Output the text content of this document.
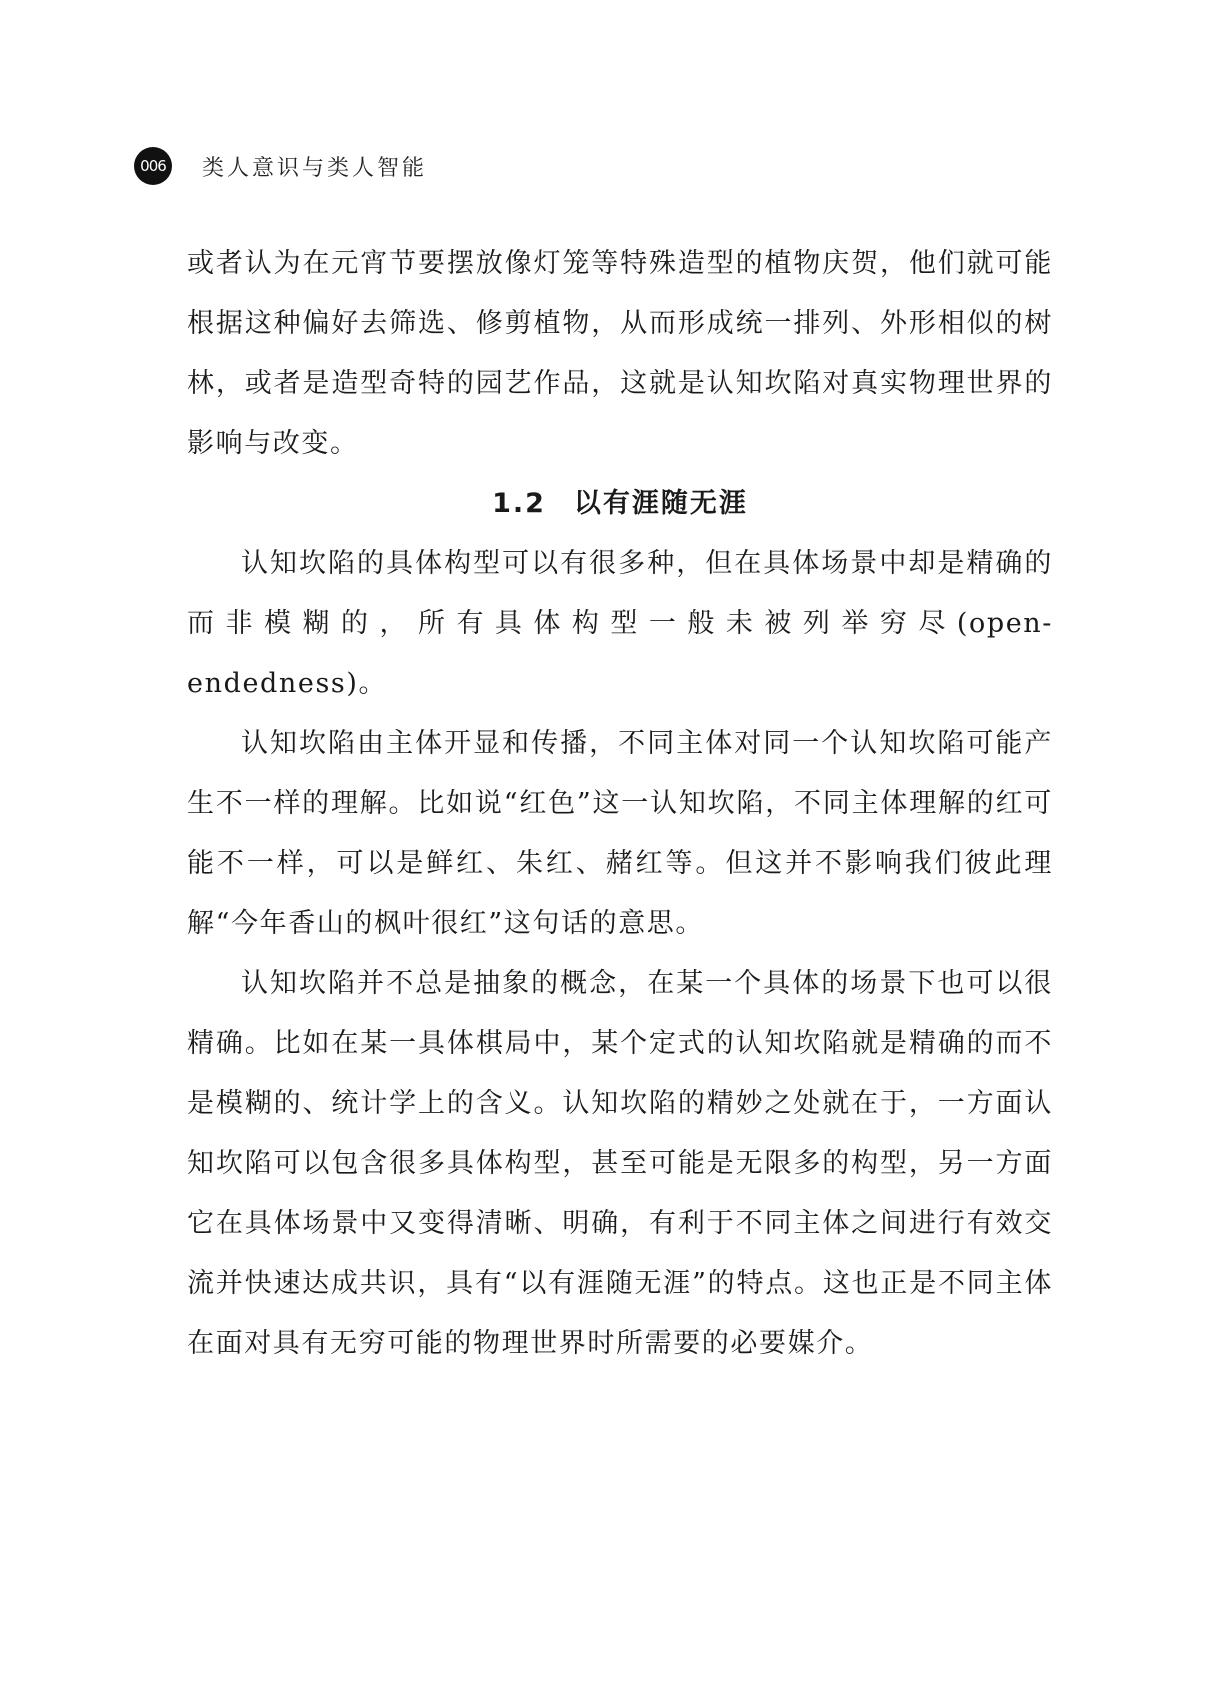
006 类人意识与类人智能

或者认为在元宵节要摆放像灯笼等特殊造型的植物庆贺，他们就可能根据这种偏好去筛选、修剪植物，从而形成统一排列、外形相似的树林，或者是造型奇特的园艺作品，这就是认知坎陷对真实物理世界的影响与改变。

1.2 以有涯随无涯

认知坎陷的具体构型可以有很多种，但在具体场景中却是精确的而非模糊的，所有具体构型一般未被列举穷尽(open-endedness)。

认知坎陷由主体开显和传播，不同主体对同一个认知坎陷可能产生不一样的理解。比如说“红色”这一认知坎陷，不同主体理解的红可能不一样，可以是鲜红、朱红、赭红等。但这并不影响我们彼此理解“今年香山的枫叶很红”这句话的意思。

认知坎陷并不总是抽象的概念，在某一个具体的场景下也可以很精确。比如在某一具体棋局中，某个定式的认知坎陷就是精确的而不是模糊的、统计学上的含义。认知坎陷的精妙之处就在于，一方面认知坎陷可以包含很多具体构型，甚至可能是无限多的构型，另一方面它在具体场景中又变得清晰、明确，有利于不同主体之间进行有效交流并快速达成共识，具有“以有涯随无涯”的特点。这也正是不同主体在面对具有无穷可能的物理世界时所需要的必要媒介。
